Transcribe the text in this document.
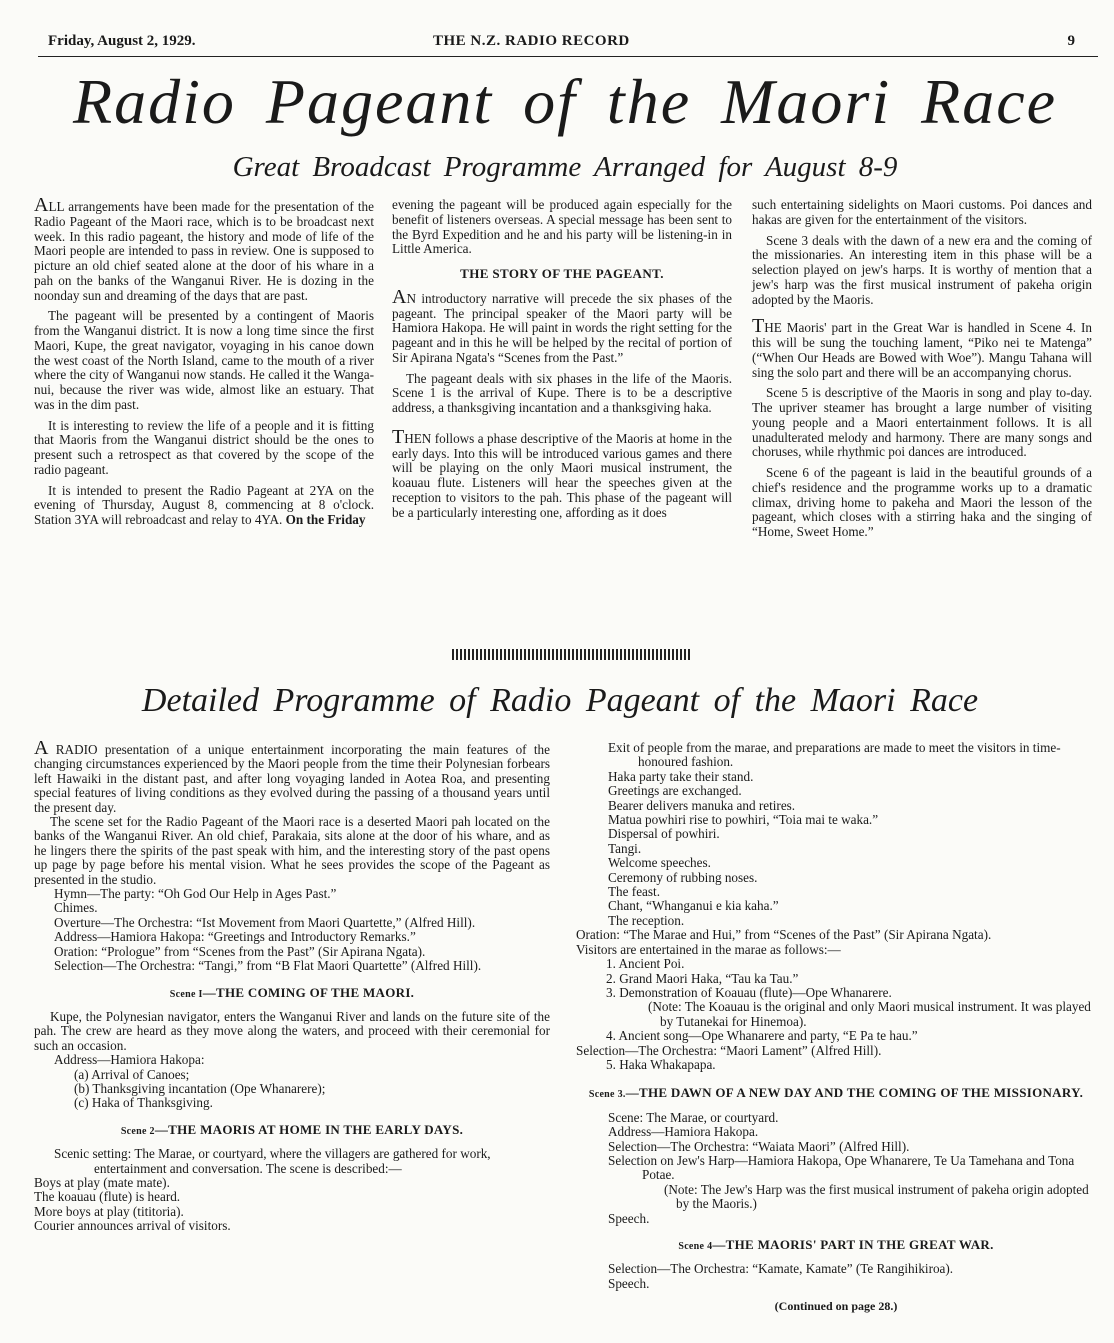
Friday, August 2, 1929.	THE N.Z. RADIO RECORD	9
Radio Pageant of the Maori Race
Great Broadcast Programme Arranged for August 8-9

ALL arrangements have been made for the presentation of the Radio Pageant of the Maori race, which is to be broadcast next week. In this radio pageant, the history and mode of life of the Maori people are intended to pass in review. One is supposed to picture an old chief seated alone at the door of his whare in a pah on the banks of the Wanganui River. He is dozing in the noonday sun and dreaming of the days that are past.

The pageant will be presented by a contingent of Maoris from the Wanganui district. It is now a long time since the first Maori, Kupe, the great navigator, voyaging in his canoe down the west coast of the North Island, came to the mouth of a river where the city of Wanganui now stands. He called it the Wanga-nui, because the river was wide, almost like an estuary. That was in the dim past.

It is interesting to review the life of a people and it is fitting that Maoris from the Wanganui district should be the ones to present such a retrospect as that covered by the scope of the radio pageant.

It is intended to present the Radio Pageant at 2YA on the evening of Thursday, August 8, commencing at 8 o'clock. Station 3YA will rebroadcast and relay to 4YA. On the Friday

evening the pageant will be produced again especially for the benefit of listeners overseas. A special message has been sent to the Byrd Expedition and he and his party will be listening-in in Little America.

THE STORY OF THE PAGEANT.

AN introductory narrative will precede the six phases of the pageant. The principal speaker of the Maori party will be Hamiora Hakopa. He will paint in words the right setting for the pageant and in this he will be helped by the recital of portion of Sir Apirana Ngata's “Scenes from the Past.”

The pageant deals with six phases in the life of the Maoris. Scene 1 is the arrival of Kupe. There is to be a descriptive address, a thanksgiving incantation and a thanksgiving haka.

THEN follows a phase descriptive of the Maoris at home in the early days. Into this will be introduced various games and there will be playing on the only Maori musical instrument, the koauau flute. Listeners will hear the speeches given at the reception to visitors to the pah. This phase of the pageant will be a particularly interesting one, affording as it does

such entertaining sidelights on Maori customs. Poi dances and hakas are given for the entertainment of the visitors.

Scene 3 deals with the dawn of a new era and the coming of the missionaries. An interesting item in this phase will be a selection played on jew's harps. It is worthy of mention that a jew's harp was the first musical instrument of pakeha origin adopted by the Maoris.

THE Maoris' part in the Great War is handled in Scene 4. In this will be sung the touching lament, “Piko nei te Matenga” (“When Our Heads are Bowed with Woe”). Mangu Tahana will sing the solo part and there will be an accompanying chorus.

Scene 5 is descriptive of the Maoris in song and play to-day. The upriver steamer has brought a large number of visiting young people and a Maori entertainment follows. It is all unadulterated melody and harmony. There are many songs and choruses, while rhythmic poi dances are introduced.

Scene 6 of the pageant is laid in the beautiful grounds of a chief's residence and the programme works up to a dramatic climax, driving home to pakeha and Maori the lesson of the pageant, which closes with a stirring haka and the singing of “Home, Sweet Home.”

Detailed Programme of Radio Pageant of the Maori Race

A RADIO presentation of a unique entertainment incorporating the main features of the changing circumstances experienced by the Maori people from the time their Polynesian forbears left Hawaiki in the distant past, and after long voyaging landed in Aotea Roa, and presenting special features of living conditions as they evolved during the passing of a thousand years until the present day.

The scene set for the Radio Pageant of the Maori race is a deserted Maori pah located on the banks of the Wanganui River. An old chief, Parakaia, sits alone at the door of his whare, and as he lingers there the spirits of the past speak with him, and the interesting story of the past opens up page by page before his mental vision. What he sees provides the scope of the Pageant as presented in the studio.

Hymn—The party: “Oh God Our Help in Ages Past.”

Chimes.

Overture—The Orchestra: “Ist Movement from Maori Quartette,” (Alfred Hill).

Address—Hamiora Hakopa: “Greetings and Introductory Remarks.”

Oration: “Prologue” from “Scenes from the Past” (Sir Apirana Ngata).

Selection—The Orchestra: “Tangi,” from “B Flat Maori Quartette” (Alfred Hill).

Scene I—THE COMING OF THE MAORI.

Kupe, the Polynesian navigator, enters the Wanganui River and lands on the future site of the pah. The crew are heard as they move along the waters, and proceed with their ceremonial for such an occasion.

Address—Hamiora Hakopa:

(a) Arrival of Canoes;

(b) Thanksgiving incantation (Ope Whanarere);

(c) Haka of Thanksgiving.

Scene 2—THE MAORIS AT HOME IN THE EARLY DAYS.

Scenic setting: The Marae, or courtyard, where the villagers are gathered for work, entertainment and conversation. The scene is described:—

Boys at play (mate mate).

The koauau (flute) is heard.

More boys at play (tititoria).

Courier announces arrival of visitors.

Exit of people from the marae, and preparations are made to meet the visitors in time-honoured fashion.

Haka party take their stand.

Greetings are exchanged.

Bearer delivers manuka and retires.

Matua powhiri rise to powhiri, “Toia mai te waka.”

Dispersal of powhiri.

Tangi.

Welcome speeches.

Ceremony of rubbing noses.

The feast.

Chant, “Whanganui e kia kaha.”

The reception.

Oration: “The Marae and Hui,” from “Scenes of the Past” (Sir Apirana Ngata).

Visitors are entertained in the marae as follows:—

1. Ancient Poi.

2. Grand Maori Haka, “Tau ka Tau.”

3. Demonstration of Koauau (flute)—Ope Whanarere.

(Note: The Koauau is the original and only Maori musical instrument. It was played by Tutanekai for Hinemoa).

4. Ancient song—Ope Whanarere and party, “E Pa te hau.”

Selection—The Orchestra: “Maori Lament” (Alfred Hill).

5. Haka Whakapapa.

Scene 3.—THE DAWN OF A NEW DAY AND THE COMING OF THE MISSIONARY.

Scene: The Marae, or courtyard.

Address—Hamiora Hakopa.

Selection—The Orchestra: “Waiata Maori” (Alfred Hill).

Selection on Jew's Harp—Hamiora Hakopa, Ope Whanarere, Te Ua Tamehana and Tona Potae.

(Note: The Jew's Harp was the first musical instrument of pakeha origin adopted by the Maoris.)

Speech.

Scene 4—THE MAORIS' PART IN THE GREAT WAR.

Selection—The Orchestra: “Kamate, Kamate” (Te Rangihikiroa).

Speech.

(Continued on page 28.)
